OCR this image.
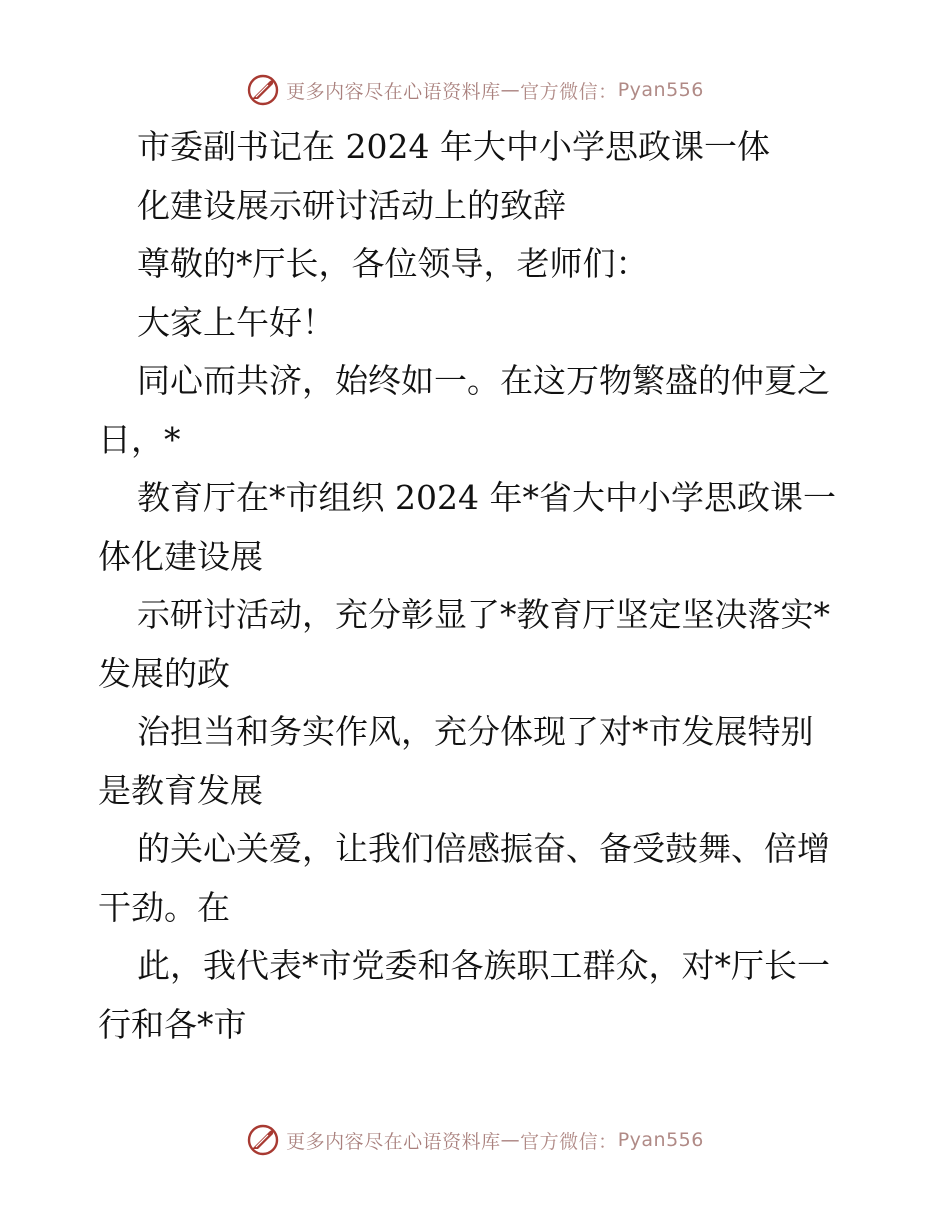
更多内容尽在心语资料库 — 官方微信： Pyan556
市委副书记在 2024 年大中小学思政课一体
化建设展示研讨活动上的致辞
尊敬的*厅长，各位领导，老师们：
大家上午好！
同心而共济，始终如一。在这万物繁盛的仲夏之
日，*
教育厅在*市组织 2024 年*省大中小学思政课一
体化建设展
示研讨活动，充分彰显了*教育厅坚定坚决落实*
发展的政
治担当和务实作风，充分体现了对*市发展特别
是教育发展
的关心关爱，让我们倍感振奋、备受鼓舞、倍增
干劲。在
此，我代表*市党委和各族职工群众，对*厅长一
行和各*市
更多内容尽在心语资料库 — 官方微信： Pyan556
